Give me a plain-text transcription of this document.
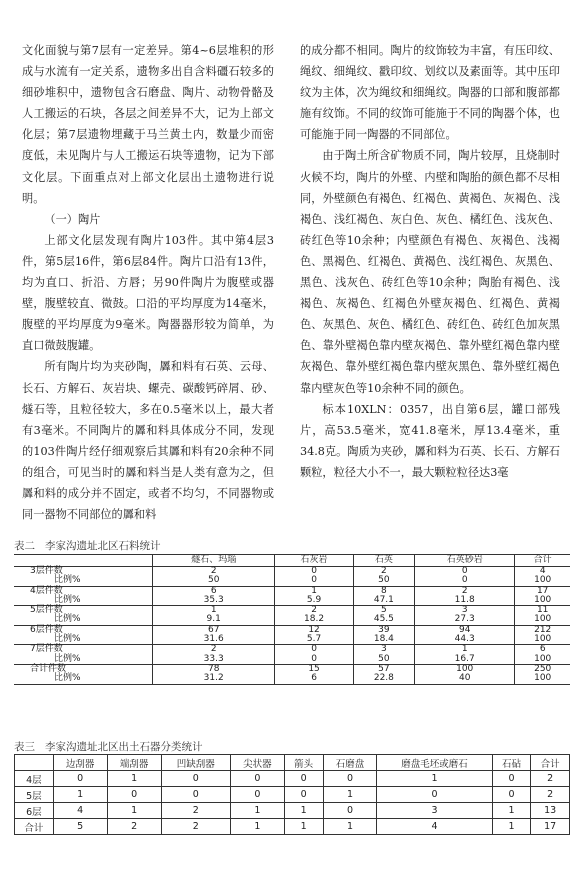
文化面貌与第7层有一定差异。第4~6层堆积的形成与水流有一定关系，遗物多出自含料礓石较多的细砂堆积中，遗物包含石磨盘、陶片、动物骨骼及人工搬运的石块，各层之间差异不大，记为上部文化层；第7层遗物埋藏于马兰黄土内，数量少而密度低，未见陶片与人工搬运石块等遗物，记为下部文化层。下面重点对上部文化层出土遗物进行说明。

（一）陶片

上部文化层发现有陶片103件。其中第4层3件，第5层16件，第6层84件。陶片口沿有13件，均为直口、折沿、方唇；另90件陶片为腹壁或器壁，腹壁较直、微鼓。口沿的平均厚度为14毫米，腹壁的平均厚度为9毫米。陶器器形较为简单，为直口微鼓腹罐。

所有陶片均为夹砂陶，羼和料有石英、云母、长石、方解石、灰岩块、螺壳、碳酸钙碎屑、砂、燧石等，且粒径较大，多在0.5毫米以上，最大者有3毫米。不同陶片的羼和料具体成分不同，发现的103件陶片经仔细观察后其羼和料有20余种不同的组合，可见当时的羼和料当是人类有意为之，但羼和料的成分并不固定，或者不均匀，不同器物或同一器物不同部位的羼和料

的成分都不相同。陶片的纹饰较为丰富，有压印纹、绳纹、细绳纹、戳印纹、划纹以及素面等。其中压印纹为主体，次为绳纹和细绳纹。陶器的口部和腹部都施有纹饰。不同的纹饰可能施于不同的陶器个体，也可能施于同一陶器的不同部位。

由于陶土所含矿物质不同，陶片较厚，且烧制时火候不均，陶片的外壁、内壁和陶胎的颜色都不尽相同，外壁颜色有褐色、红褐色、黄褐色、灰褐色、浅褐色、浅红褐色、灰白色、灰色、橘红色、浅灰色、砖红色等10余种；内壁颜色有褐色、灰褐色、浅褐色、黑褐色、红褐色、黄褐色、浅红褐色、灰黑色、黑色、浅灰色、砖红色等10余种；陶胎有褐色、浅褐色、灰褐色、红褐色外壁灰褐色、红褐色、黄褐色、灰黑色、灰色、橘红色、砖红色、砖红色加灰黑色、靠外壁褐色靠内壁灰褐色、靠外壁红褐色靠内壁灰褐色、靠外壁红褐色靠内壁灰黑色、靠外壁红褐色靠内壁灰色等10余种不同的颜色。

标本10XLN：0357，出自第6层，罐口部残片，高53.5毫米，宽41.8毫米，厚13.4毫米，重34.8克。陶质为夹砂，羼和料为石英、长石、方解石颗粒，粒径大小不一，最大颗粒粒径达3毫

表二 李家沟遗址北区石料统计
	燧石、玛瑙	石灰岩	石英	石英砂岩	合计
3层件数	2	0	2	0	4
比例%	50	0	50	0	100
4层件数	6	1	8	2	17
比例%	35.3	5.9	47.1	11.8	100
5层件数	1	2	5	3	11
比例%	9.1	18.2	45.5	27.3	100
6层件数	67	12	39	94	212
比例%	31.6	5.7	18.4	44.3	100
7层件数	2	0	3	1	6
比例%	33.3	0	50	16.7	100
合计件数	78	15	57	100	250
比例%	31.2	6	22.8	40	100
表三 李家沟遗址北区出土石器分类统计
	边刮器	端刮器	凹缺刮器	尖状器	箭头	石磨盘	磨盘毛坯或磨石	石砧	合计
4层	0	1	0	0	0	0	1	0	2
5层	1	0	0	0	0	1	0	0	2
6层	4	1	2	1	1	0	3	1	13
合计	5	2	2	1	1	1	4	1	17
